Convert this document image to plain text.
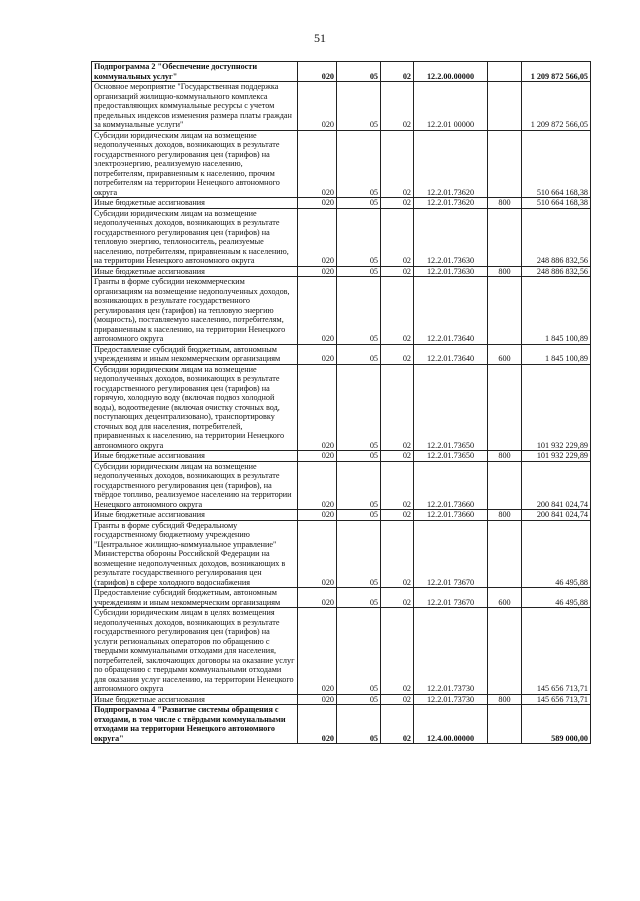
51
Подпрограмма 2 "Обеспечение доступности коммунальных услуг"	020	05	02	12.2.00.00000		1 209 872 566,05
Основное мероприятие "Государственная поддержка организаций жилищно-коммунального комплекса предоставляющих коммунальные ресурсы с учетом предельных индексов изменения размера платы граждан за коммунальные услуги"	020	05	02	12.2.01 00000		1 209 872 566,05
Субсидии юридическим лицам на возмещение недополученных доходов, возникающих в результате государственного регулирования цен (тарифов) на электроэнергию, реализуемую населению, потребителям, приравненным к населению, прочим потребителям на территории Ненецкого автономного округа	020	05	02	12.2.01.73620		510 664 168,38
Иные бюджетные ассигнования	020	05	02	12.2.01.73620	800	510 664 168,38
Субсидии юридическим лицам на возмещение недополученных доходов, возникающих в результате государственного регулирования цен (тарифов) на тепловую энергию, теплоноситель, реализуемые населению, потребителям, приравненным к населению, на территории Ненецкого автономного округа	020	05	02	12.2.01.73630		248 886 832,56
Иные бюджетные ассигнования	020	05	02	12.2.01.73630	800	248 886 832,56
Гранты в форме субсидии некоммерческим организациям на возмещение недополученных доходов, возникающих в результате государственного регулирования цен (тарифов) на тепловую энергию (мощность), поставляемую населению, потребителям, приравненным к населению, на территории Ненецкого автономного округа	020	05	02	12.2.01.73640		1 845 100,89
Предоставление субсидий бюджетным, автономным учреждениям и иным некоммерческим организациям	020	05	02	12.2.01.73640	600	1 845 100,89
Субсидии юридическим лицам на возмещение недополученных доходов, возникающих в результате государственного регулирования цен (тарифов) на горячую, холодную воду (включая подвоз холодной воды), водоотведение (включая очистку сточных вод, поступающих децентрализовано), транспортировку сточных вод для населения, потребителей, приравненных к населению, на территории Ненецкого автономного округа	020	05	02	12.2.01.73650		101 932 229,89
Иные бюджетные ассигнования	020	05	02	12.2.01.73650	800	101 932 229,89
Субсидии юридическим лицам на возмещение недополученных доходов, возникающих в результате государственного регулирования цен (тарифов), на твёрдое топливо, реализуемое населению на территории Ненецкого автономного округа	020	05	02	12.2.01.73660		200 841 024,74
Иные бюджетные ассигнования	020	05	02	12.2.01.73660	800	200 841 024,74
Гранты в форме субсидий Федеральному государственному бюджетному учреждению "Центральное жилищно-коммунальное управление" Министерства обороны Российской Федерации на возмещение недополученных доходов, возникающих в результате государственного регулирования цен (тарифов) в сфере холодного водоснабжения	020	05	02	12.2.01 73670		46 495,88
Предоставление субсидий бюджетным, автономным учреждениям и иным некоммерческим организациям	020	05	02	12.2.01 73670	600	46 495,88
Субсидии юридическим лицам в целях возмещения недополученных доходов, возникающих в результате государственного регулирования цен (тарифов) на услуги региональных операторов по обращению с твердыми коммунальными отходами для населения, потребителей, заключающих договоры на оказание услуг по обращению с твердыми коммунальными отходами для оказания услуг населению, на территории Ненецкого автономного округа	020	05	02	12.2.01.73730		145 656 713,71
Иные бюджетные ассигнования	020	05	02	12.2.01.73730	800	145 656 713,71
Подпрограмма 4 "Развитие системы обращения с отходами, в том числе с твёрдыми коммунальными отходами на территории Ненецкого автономного округа"	020	05	02	12.4.00.00000		589 000,00
